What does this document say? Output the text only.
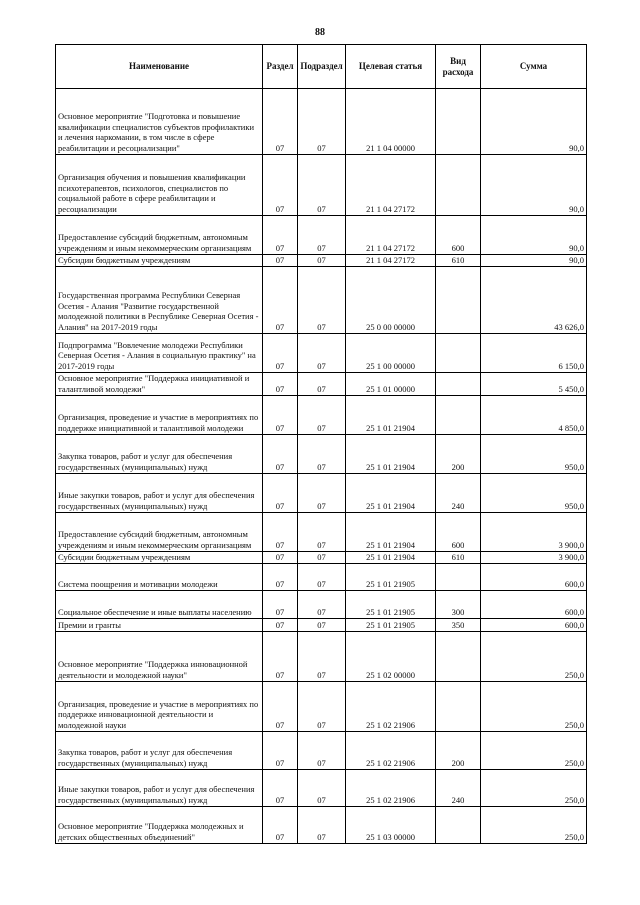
88
Наименование	Раздел	Подраздел	Целевая статья	Вид расхода	Сумма

Основное мероприятие "Подготовка и повышение квалификации специалистов субъектов профилактики и лечения наркомании, в том числе в сфере реабилитации и ресоциализации"	07	07	21 1 04 00000		90,0

Организация обучения и повышения квалификации психотерапевтов, психологов, специалистов по социальной работе в сфере реабилитации и ресоциализации	07	07	21 1 04 27172		90,0

Предоставление субсидий бюджетным, автономным учреждениям и иным некоммерческим организациям	07	07	21 1 04 27172	600	90,0

Субсидии бюджетным учреждениям	07	07	21 1 04 27172	610	90,0

Государственная программа Республики Северная Осетия - Алания "Развитие государственной молодежной политики в Республике Северная Осетия - Алания" на 2017-2019 годы	07	07	25 0 00 00000		43 626,0

Подпрограмма "Вовлечение молодежи Республики Северная Осетия - Алания в социальную практику" на 2017-2019 годы	07	07	25 1 00 00000		6 150,0

Основное мероприятие "Поддержка инициативной и талантливой молодежи"	07	07	25 1 01 00000		5 450,0

Организация, проведение и участие в мероприятиях по поддержке инициативной и талантливой молодежи	07	07	25 1 01 21904		4 850,0

Закупка товаров, работ и услуг для обеспечения государственных (муниципальных) нужд	07	07	25 1 01 21904	200	950,0

Иные закупки товаров, работ и услуг для обеспечения государственных (муниципальных) нужд	07	07	25 1 01 21904	240	950,0

Предоставление субсидий бюджетным, автономным учреждениям и иным некоммерческим организациям	07	07	25 1 01 21904	600	3 900,0

Субсидии бюджетным учреждениям	07	07	25 1 01 21904	610	3 900,0

Система поощрения и мотивации молодежи	07	07	25 1 01 21905		600,0

Социальное обеспечение и иные выплаты населению	07	07	25 1 01 21905	300	600,0

Премии и гранты	07	07	25 1 01 21905	350	600,0

Основное мероприятие "Поддержка инновационной деятельности и молодежной науки"	07	07	25 1 02 00000		250,0

Организация, проведение и участие в мероприятиях по поддержке инновационной деятельности и молодежной науки	07	07	25 1 02 21906		250,0

Закупка товаров, работ и услуг для обеспечения государственных (муниципальных) нужд	07	07	25 1 02 21906	200	250,0

Иные закупки товаров, работ и услуг для обеспечения государственных (муниципальных) нужд	07	07	25 1 02 21906	240	250,0

Основное мероприятие "Поддержка молодежных и детских общественных объединений"	07	07	25 1 03 00000		250,0
